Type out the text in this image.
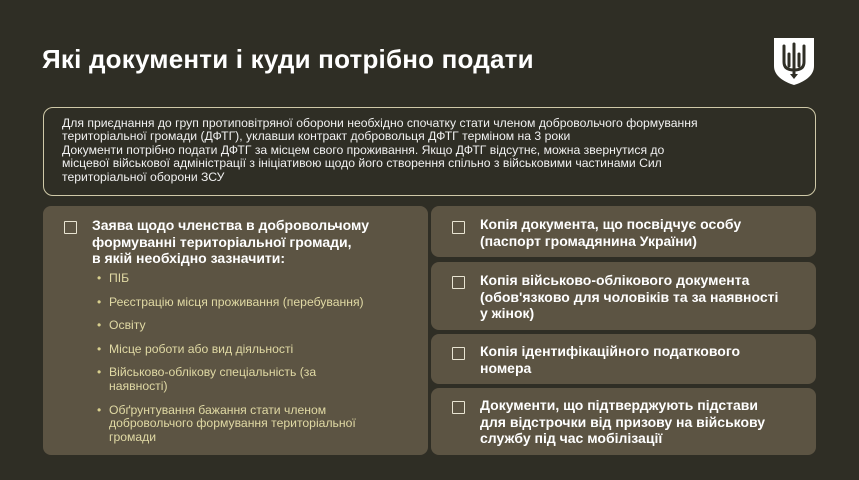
Які документи і куди потрібно подати

Для приєднання до груп протиповітряної оборони необхідно спочатку стати членом добровольчого формування

територіальної громади (ДФТГ), уклавши контракт добровольця ДФТГ терміном на 3 роки

Документи потрібно подати ДФТГ за місцем свого проживання. Якщо ДФТГ відсутнє, можна звернутися до

місцевої військової адміністрації з ініціативою щодо його створення спільно з військовими частинами Сил

територіальної оборони ЗСУ

Заява щодо членства в добровольчому
формуванні територіальної громади,
в якій необхідно зазначити:
• ПІБ
• Реєстрацію місця проживання (перебування)
• Освіту
• Місце роботи або вид діяльності
• Військово-облікову спеціальність (за
наявності)
• Обґрунтування бажання стати членом
добровольчого формування територіальної
громади
Копія документа, що посвідчує особу
(паспорт громадянина України)
Копія військово-облікового документа
(обов'язково для чоловіків та за наявності
у жінок)
Копія ідентифікаційного податкового
номера
Документи, що підтверджують підстави
для відстрочки від призову на військову
службу під час мобілізації
